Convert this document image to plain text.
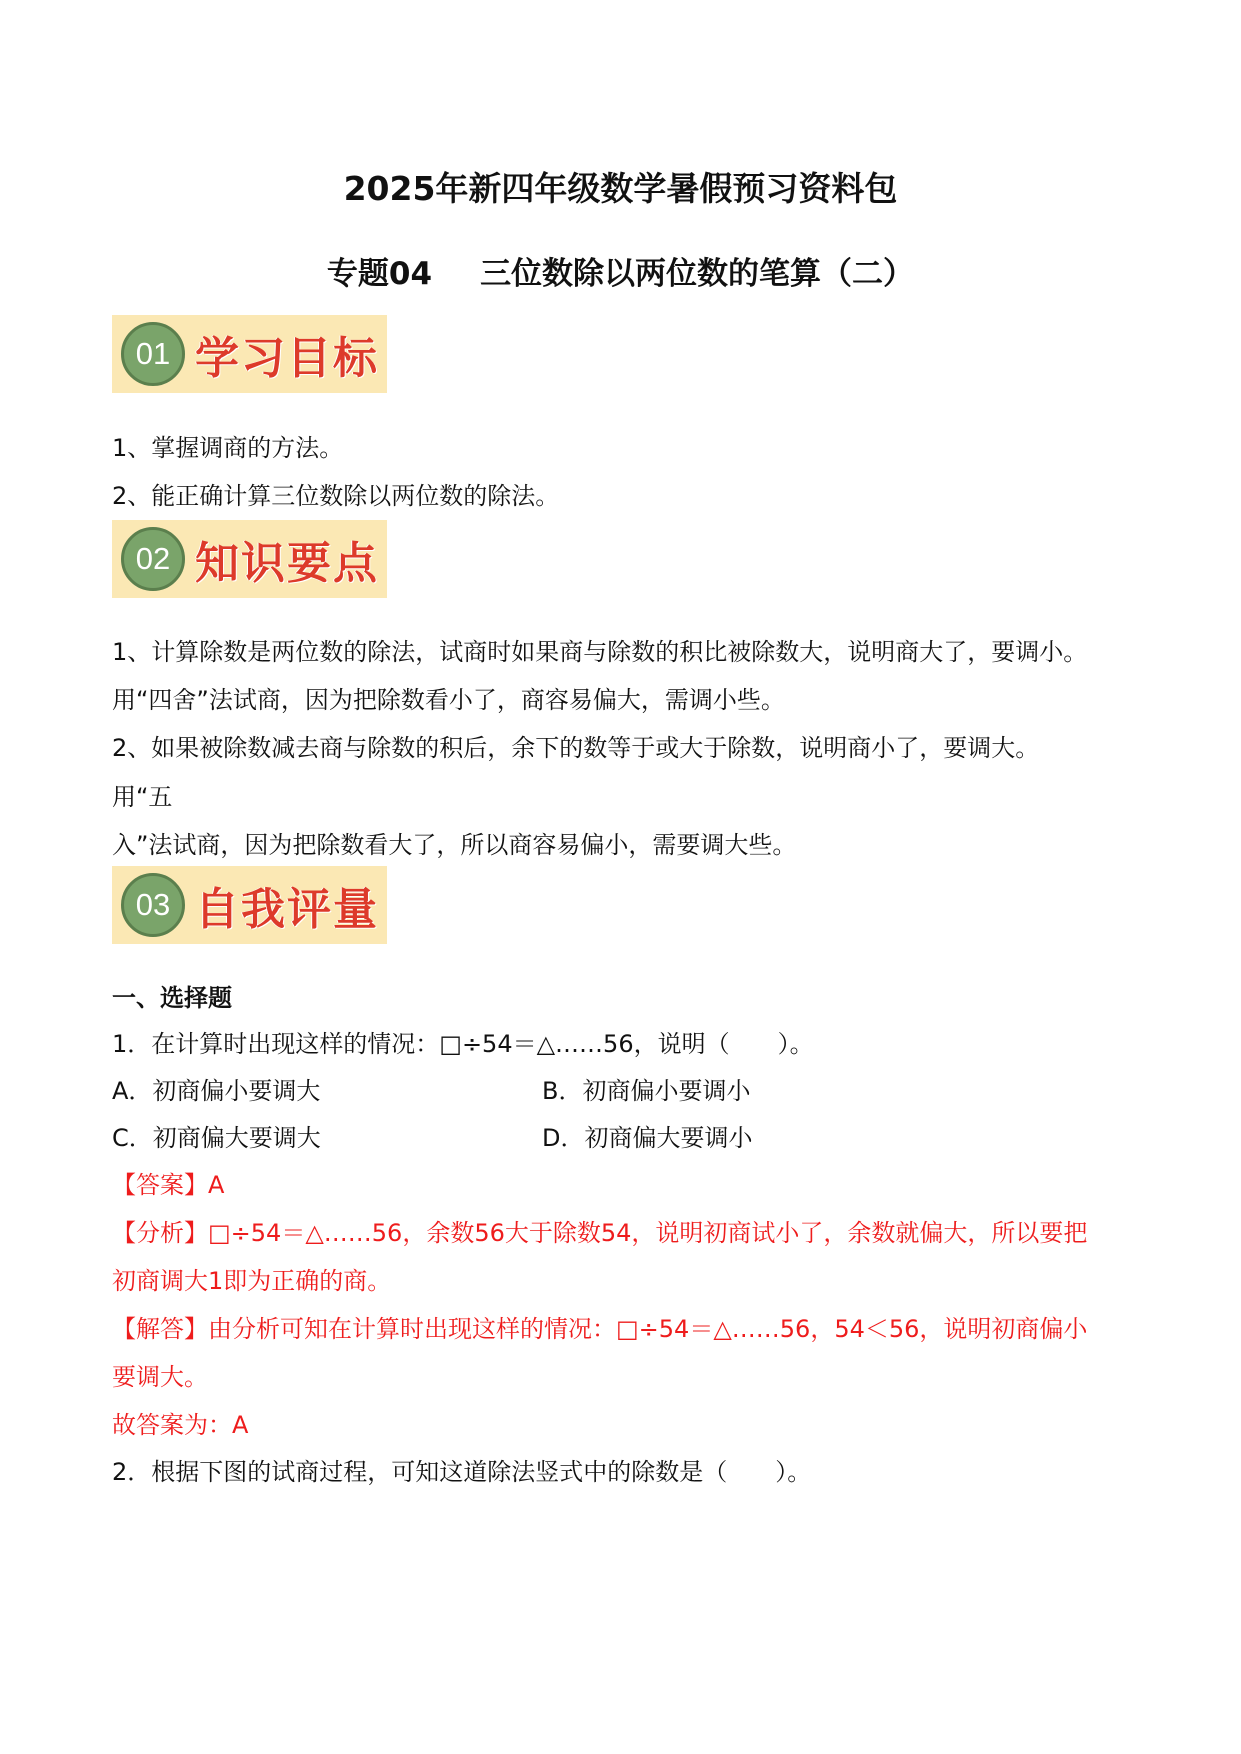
2025年新四年级数学暑假预习资料包
专题04 三位数除以两位数的笔算（二）
01 学习目标
1、掌握调商的方法。
2、能正确计算三位数除以两位数的除法。
02 知识要点
1、计算除数是两位数的除法，试商时如果商与除数的积比被除数大，说明商大了，要调小。
用“四舍”法试商，因为把除数看小了，商容易偏大，需调小些。
2、如果被除数减去商与除数的积后，余下的数等于或大于除数，说明商小了，要调大。
用“五
入”法试商，因为把除数看大了，所以商容易偏小，需要调大些。
03 自我评量
一、选择题
1．在计算时出现这样的情况：□÷54＝△……56，说明（　　）。
A．初商偏小要调大	B．初商偏小要调小
C．初商偏大要调大	D．初商偏大要调小
【答案】A
【分析】□÷54＝△……56，余数56大于除数54，说明初商试小了，余数就偏大，所以要把
初商调大1即为正确的商。
【解答】由分析可知在计算时出现这样的情况：□÷54＝△……56，54＜56，说明初商偏小
要调大。
故答案为：A
2．根据下图的试商过程，可知这道除法竖式中的除数是（　　）。
